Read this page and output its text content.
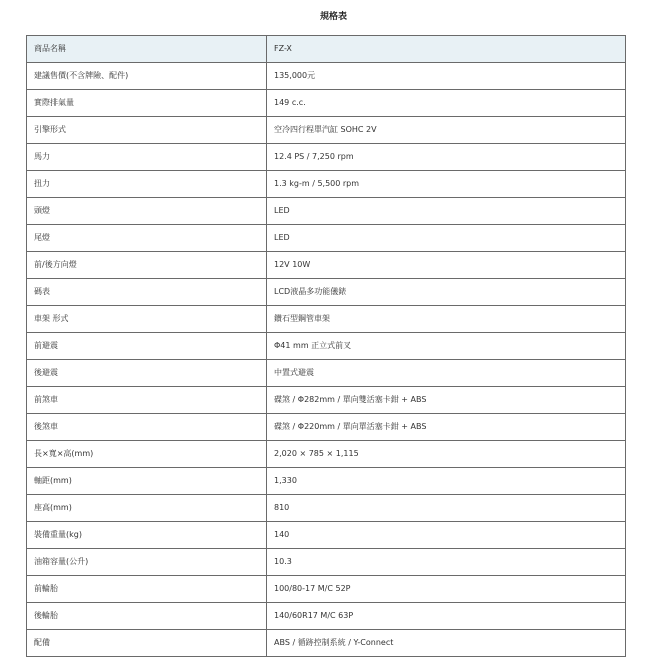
規格表
商品名稱	FZ-X
建議售價(不含牌險、配件)	135,000元
實際排氣量	149 c.c.
引擎形式	空冷四行程單汽缸 SOHC 2V
馬力	12.4 PS / 7,250 rpm
扭力	1.3 kg-m / 5,500 rpm
頭燈	LED
尾燈	LED
前/後方向燈	12V 10W
碼表	LCD液晶多功能儀錶
車架 形式	鑽石型鋼管車架
前避震	Φ41 mm 正立式前叉
後避震	中置式避震
前煞車	碟煞 / Φ282mm / 單向雙活塞卡鉗 + ABS
後煞車	碟煞 / Φ220mm / 單向單活塞卡鉗 + ABS
長×寬×高(mm)	2,020 × 785 × 1,115
軸距(mm)	1,330
座高(mm)	810
裝備重量(kg)	140
油箱容量(公升)	10.3
前輪胎	100/80-17 M/C 52P
後輪胎	140/60R17 M/C 63P
配備	ABS / 循跡控制系統 / Y-Connect
